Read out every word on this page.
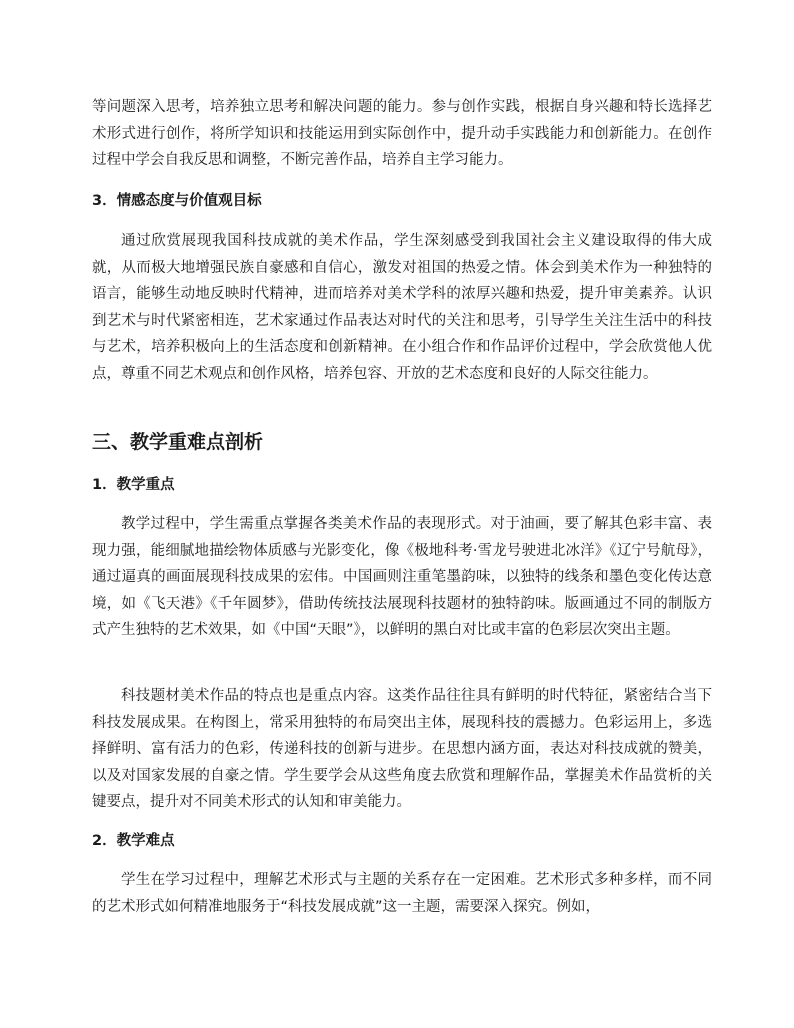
等问题深入思考，培养独立思考和解决问题的能力。参与创作实践，根据自身兴趣和特长选择艺术形式进行创作，将所学知识和技能运用到实际创作中，提升动手实践能力和创新能力。在创作过程中学会自我反思和调整，不断完善作品，培养自主学习能力。

3．情感态度与价值观目标

通过欣赏展现我国科技成就的美术作品，学生深刻感受到我国社会主义建设取得的伟大成就，从而极大地增强民族自豪感和自信心，激发对祖国的热爱之情。体会到美术作为一种独特的语言，能够生动地反映时代精神，进而培养对美术学科的浓厚兴趣和热爱，提升审美素养。认识到艺术与时代紧密相连，艺术家通过作品表达对时代的关注和思考，引导学生关注生活中的科技与艺术，培养积极向上的生活态度和创新精神。在小组合作和作品评价过程中，学会欣赏他人优点，尊重不同艺术观点和创作风格，培养包容、开放的艺术态度和良好的人际交往能力。

三、教学重难点剖析
1．教学重点

教学过程中，学生需重点掌握各类美术作品的表现形式。对于油画，要了解其色彩丰富、表现力强，能细腻地描绘物体质感与光影变化，像《极地科考·雪龙号驶进北冰洋》《辽宁号航母》，通过逼真的画面展现科技成果的宏伟。中国画则注重笔墨韵味，以独特的线条和墨色变化传达意境，如《飞天港》《千年圆梦》，借助传统技法展现科技题材的独特韵味。版画通过不同的制版方式产生独特的艺术效果，如《中国“天眼”》，以鲜明的黑白对比或丰富的色彩层次突出主题。

科技题材美术作品的特点也是重点内容。这类作品往往具有鲜明的时代特征，紧密结合当下科技发展成果。在构图上，常采用独特的布局突出主体，展现科技的震撼力。色彩运用上，多选择鲜明、富有活力的色彩，传递科技的创新与进步。在思想内涵方面，表达对科技成就的赞美，以及对国家发展的自豪之情。学生要学会从这些角度去欣赏和理解作品，掌握美术作品赏析的关键要点，提升对不同美术形式的认知和审美能力。

2．教学难点

学生在学习过程中，理解艺术形式与主题的关系存在一定困难。艺术形式多种多样，而不同的艺术形式如何精准地服务于“科技发展成就”这一主题，需要深入探究。例如，
